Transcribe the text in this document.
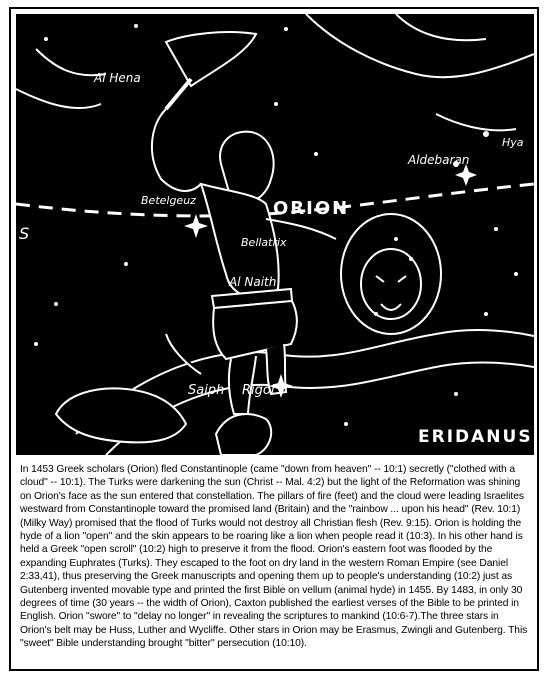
Al Hena
Aldebaran
Hya
Betelgeuz
Bellatrix
Al Naith
Saiph Rigol
S
ORION
ERIDANUS

In 1453 Greek scholars (Orion) fled Constantinople (came "down from heaven" -- 10:1) secretly ("clothed with a cloud" -- 10:1). The Turks were darkening the sun (Christ -- Mal. 4:2) but the light of the Reformation was shining on Orion's face as the sun entered that constellation. The pillars of fire (feet) and the cloud were leading Israelites westward from Constantinople toward the promised land (Britain) and the "rainbow ... upon his head" (Rev. 10:1) (Milky Way) promised that the flood of Turks would not destroy all Christian flesh (Rev. 9:15). Orion is holding the hyde of a lion "open" and the skin appears to be roaring like a lion when people read it (10:3). In his other hand is held a Greek "open scroll" (10:2) high to preserve it from the flood. Orion's eastern foot was flooded by the expanding Euphrates (Turks). They escaped to the foot on dry land in the western Roman Empire (see Daniel 2:33,41), thus preserving the Greek manuscripts and opening them up to people's understanding (10:2) just as Gutenberg invented movable type and printed the first Bible on vellum (animal hyde) in 1455. By 1483, in only 30 degrees of time (30 years -- the width of Orion), Caxton published the earliest verses of the Bible to be printed in English. Orion "swore" to "delay no longer" in revealing the scriptures to mankind (10:6-7).The three stars in Orion's belt may be Huss, Luther and Wycliffe. Other stars in Orion may be Erasmus, Zwingli and Gutenberg. This "sweet" Bible understanding brought "bitter" persecution (10:10).
